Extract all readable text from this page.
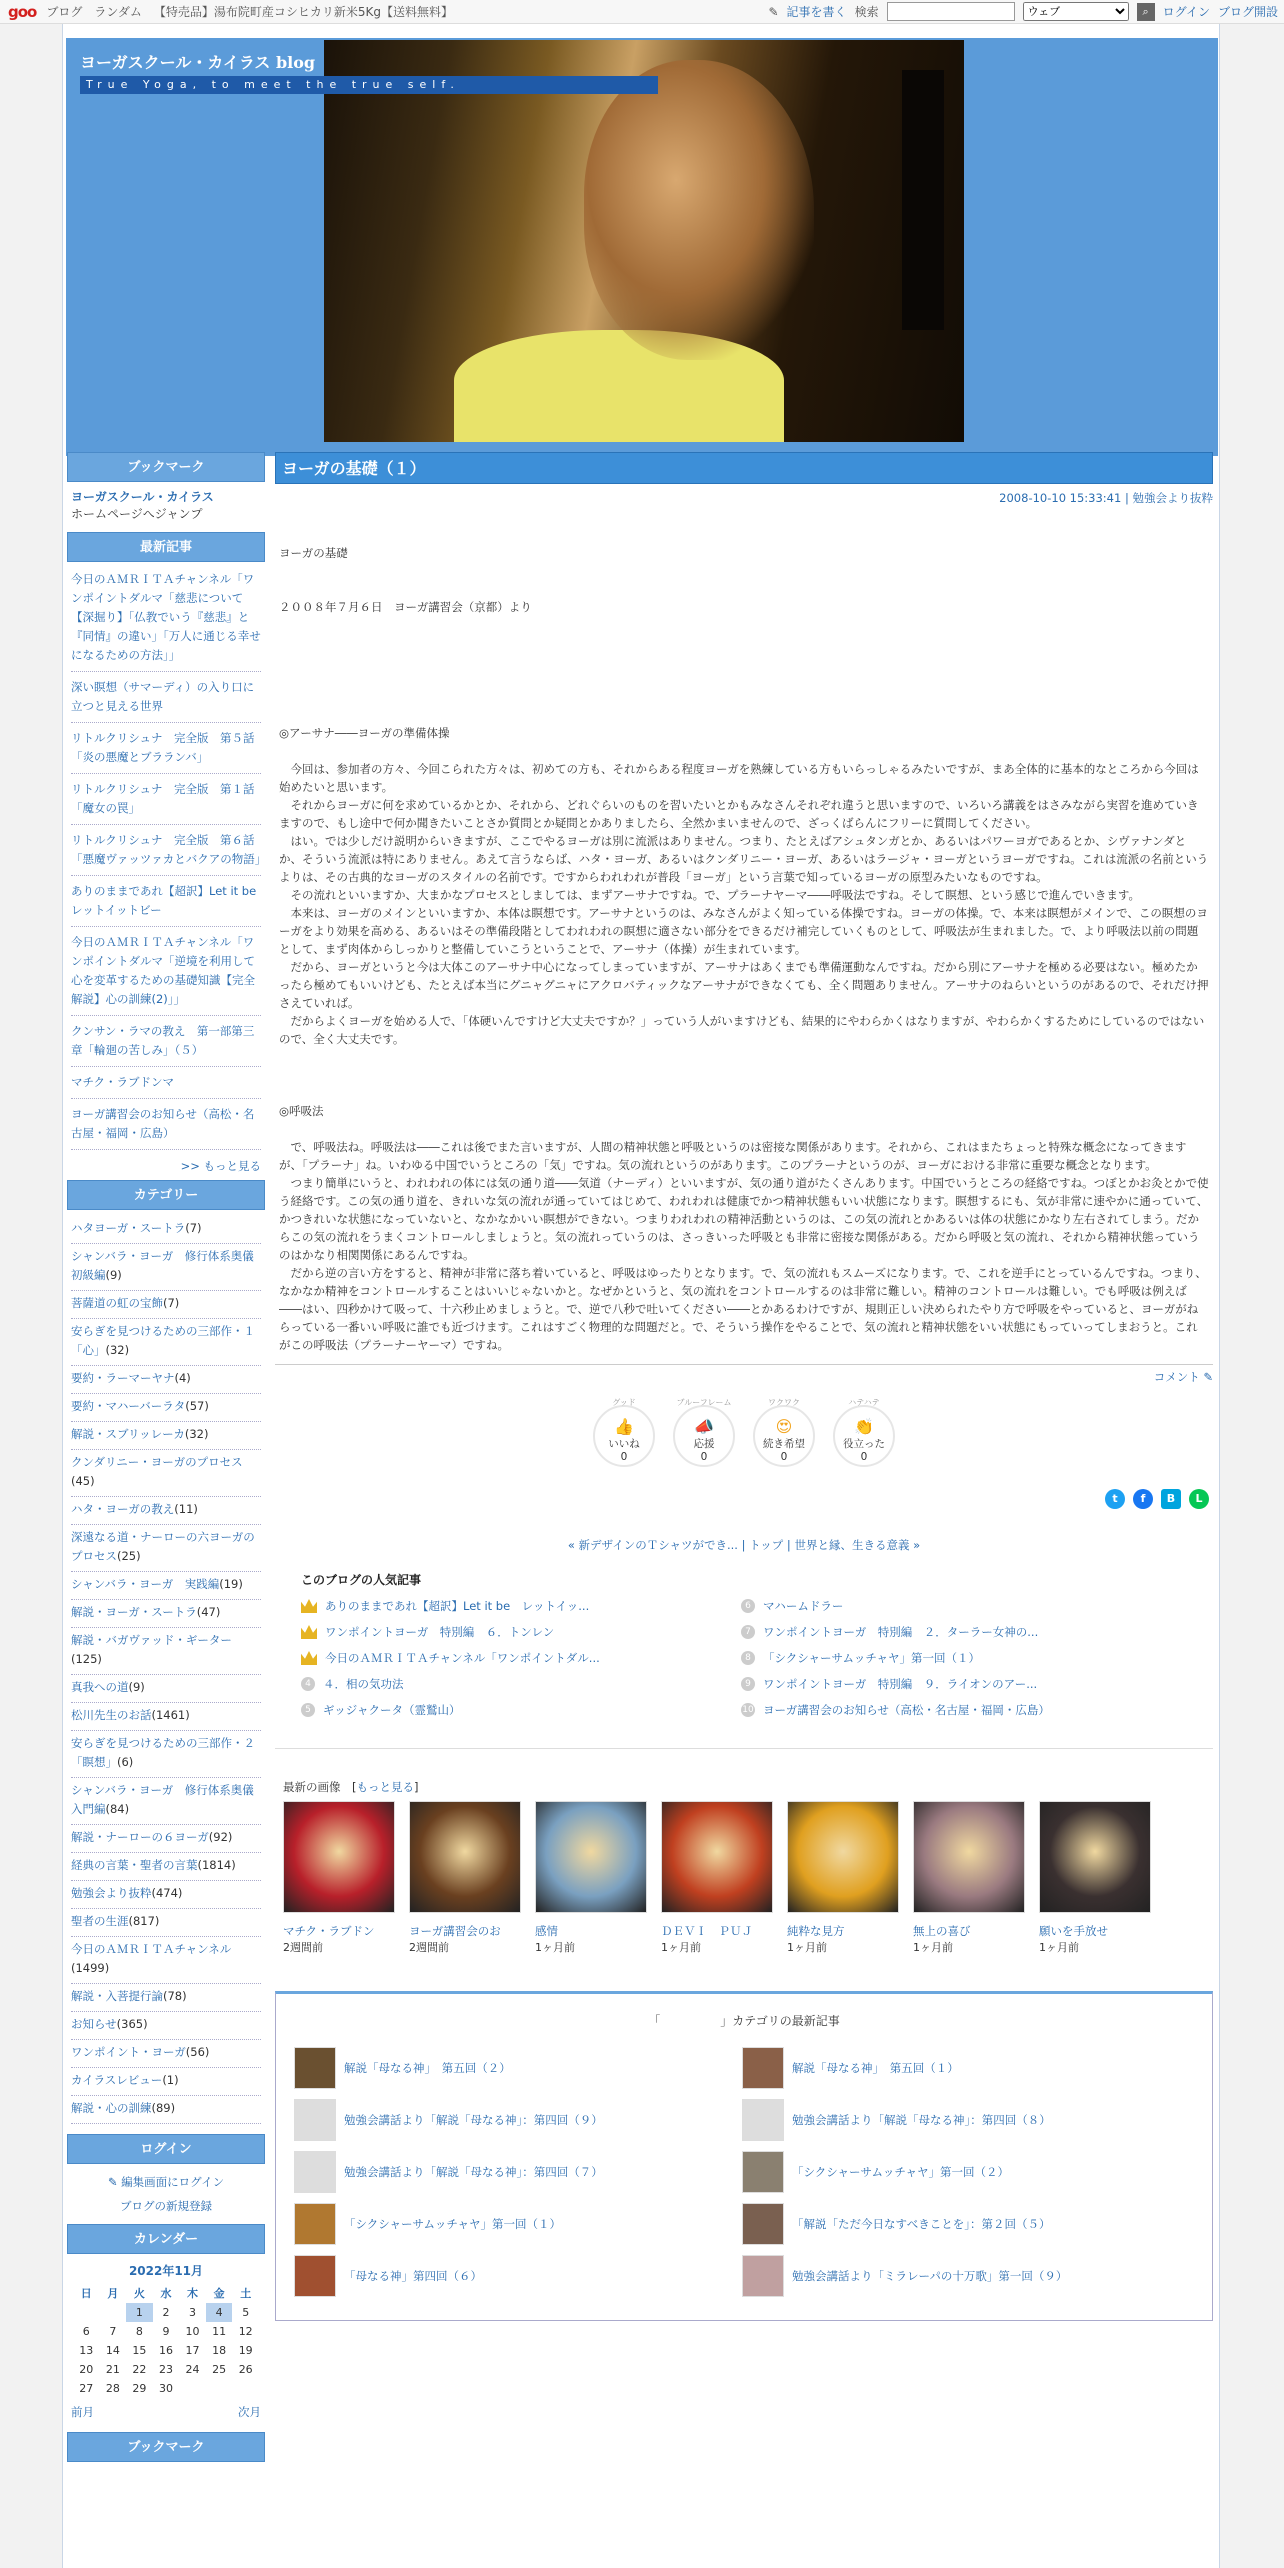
goo ブログ ランダム 【特売品】湯布院町産コシヒカリ新米5Kg【送料無料】	✎ 記事を書く 検索
ウェブ	⌕	ログイン ブログ開設
ヨーガスクール・カイラス blog
True Yoga, to meet the true self.
ブックマーク
ヨーガスクール・カイラス
ホームページへジャンプ
最新記事
今日のＡＭＲＩＴＡチャンネル「ワンポイントダルマ「慈悲について【深掘り】「仏教でいう『慈悲』と『同情』の違い」「万人に通じる幸せになるための方法」」
深い瞑想（サマーディ）の入り口に立つと見える世界
リトルクリシュナ　完全版　第５話「炎の悪魔とブラランバ」
リトルクリシュナ　完全版　第１話「魔女の罠」
リトルクリシュナ　完全版　第６話「悪魔ヴァッツァカとバクアの物語」
ありのままであれ【超訳】Let it be　レットイットビー
今日のＡＭＲＩＴＡチャンネル「ワンポイントダルマ「逆境を利用して心を変革するための基礎知識【完全解説】心の訓練(2)」」
クンサン・ラマの教え　第一部第三章「輪廻の苦しみ」（５）
マチク・ラブドンマ
ヨーガ講習会のお知らせ（高松・名古屋・福岡・広島）
>> もっと見る
カテゴリー
ハタヨーガ・スートラ(7)
シャンバラ・ヨーガ　修行体系奥儀　初級編(9)
菩薩道の虹の宝飾(7)
安らぎを見つけるための三部作・１「心」(32)
要約・ラーマーヤナ(4)
要約・マハーバーラタ(57)
解説・スブリッレーカ(32)
クンダリニー・ヨーガのプロセス(45)
ハタ・ヨーガの教え(11)
深遠なる道・ナーローの六ヨーガのプロセス(25)
シャンバラ・ヨーガ　実践編(19)
解説・ヨーガ・スートラ(47)
解説・バガヴァッド・ギーター(125)
真我への道(9)
松川先生のお話(1461)
安らぎを見つけるための三部作・２「瞑想」(6)
シャンバラ・ヨーガ　修行体系奥儀　入門編(84)
解説・ナーローの６ヨーガ(92)
経典の言葉・聖者の言葉(1814)
勉強会より抜粋(474)
聖者の生涯(817)
今日のＡＭＲＩＴＡチャンネル(1499)
解説・入菩提行論(78)
お知らせ(365)
ワンポイント・ヨーガ(56)
カイラスレビュー(1)
解説・心の訓練(89)
ログイン
✎ 編集画面にログイン
ブログの新規登録
カレンダー
2022年11月
日	月	火	水	木	金	土
		1	2	3	4	5
6	7	8	9	10	11	12
13	14	15	16	17	18	19
20	21	22	23	24	25	26
27	28	29	30			
前月	次月
ブックマーク
ヨーガの基礎（１）
2008-10-10 15:33:41 | 勉強会より抜粋

ヨーガの基礎

２００８年７月６日　ヨーガ講習会（京都）より

◎アーサナ――ヨーガの準備体操

今回は、参加者の方々、今回こられた方々は、初めての方も、それからある程度ヨーガを熟練している方もいらっしゃるみたいですが、まあ全体的に基本的なところから今回は始めたいと思います。

それからヨーガに何を求めているかとか、それから、どれぐらいのものを習いたいとかもみなさんそれぞれ違うと思いますので、いろいろ講義をはさみながら実習を進めていきますので、もし途中で何か聞きたいことさか質問とか疑問とかありましたら、全然かまいませんので、ざっくばらんにフリーに質問してください。

はい。では少しだけ説明からいきますが、ここでやるヨーガは別に流派はありません。つまり、たとえばアシュタンガとか、あるいはパワーヨガであるとか、シヴァナンダとか、そういう流派は特にありません。あえて言うならば、ハタ・ヨーガ、あるいはクンダリニー・ヨーガ、あるいはラージャ・ヨーガというヨーガですね。これは流派の名前というよりは、その古典的なヨーガのスタイルの名前です。ですからわれわれが普段「ヨーガ」という言葉で知っているヨーガの原型みたいなものですね。

その流れといいますか、大まかなプロセスとしましては、まずアーサナですね。で、プラーナヤーマ――呼吸法ですね。そして瞑想、という感じで進んでいきます。

本来は、ヨーガのメインといいますか、本体は瞑想です。アーサナというのは、みなさんがよく知っている体操ですね。ヨーガの体操。で、本来は瞑想がメインで、この瞑想のヨーガをより効果を高める、あるいはその準備段階としてわれわれの瞑想に適さない部分をできるだけ補完していくものとして、呼吸法が生まれました。で、より呼吸法以前の問題として、まず肉体からしっかりと整備していこうということで、アーサナ（体操）が生まれています。

だから、ヨーガというと今は大体このアーサナ中心になってしまっていますが、アーサナはあくまでも準備運動なんですね。だから別にアーサナを極める必要はない。極めたかったら極めてもいいけども、たとえば本当にグニャグニャにアクロバティックなアーサナができなくても、全く問題ありません。アーサナのねらいというのがあるので、それだけ押さえていれば。

だからよくヨーガを始める人で、「体硬いんですけど大丈夫ですか？」っていう人がいますけども、結果的にやわらかくはなりますが、やわらかくするためにしているのではないので、全く大丈夫です。

◎呼吸法

で、呼吸法ね。呼吸法は――これは後でまた言いますが、人間の精神状態と呼吸というのは密接な関係があります。それから、これはまたちょっと特殊な概念になってきますが、「プラーナ」ね。いわゆる中国でいうところの「気」ですね。気の流れというのがあります。このプラーナというのが、ヨーガにおける非常に重要な概念となります。

つまり簡単にいうと、われわれの体には気の通り道――気道（ナーディ）といいますが、気の通り道がたくさんあります。中国でいうところの経絡ですね。つぼとかお灸とかで使う経絡です。この気の通り道を、きれいな気の流れが通っていてはじめて、われわれは健康でかつ精神状態もいい状態になります。瞑想するにも、気が非常に速やかに通っていて、かつきれいな状態になっていないと、なかなかいい瞑想ができない。つまりわれわれの精神活動というのは、この気の流れとかあるいは体の状態にかなり左右されてしまう。だからこの気の流れをうまくコントロールしましょうと。気の流れっていうのは、さっきいった呼吸とも非常に密接な関係がある。だから呼吸と気の流れ、それから精神状態っていうのはかなり相関関係にあるんですね。

だから逆の言い方をすると、精神が非常に落ち着いていると、呼吸はゆったりとなります。で、気の流れもスムーズになります。で、これを逆手にとっているんですね。つまり、なかなか精神をコントロールすることはいいじゃないかと。なぜかというと、気の流れをコントロールするのは非常に難しい。精神のコントロールは難しい。でも呼吸は例えば――はい、四秒かけて吸って、十六秒止めましょうと。で、逆で八秒で吐いてください――とかあるわけですが、規則正しい決められたやり方で呼吸をやっていると、ヨーガがねらっている一番いい呼吸に誰でも近づけます。これはすごく物理的な問題だと。で、そういう操作をやることで、気の流れと精神状態をいい状態にもっていってしまおうと。これがこの呼吸法（プラーナーヤーマ）ですね。

コメント ✎
グッド
👍
いいね
0
ブルーフレーム
📣
応援
0
ワクワク
😍
続き希望
0
ハテハテ
👏
役立った
0
t	f	B	L
« 新デザインのＴシャツができ... | トップ | 世界と縁、生きる意義 »
このブログの人気記事
ありのままであれ【超訳】Let it be　レットイッ...	6	マハームドラー
ワンポイントヨーガ　特別編　６．トンレン	7	ワンポイントヨーガ　特別編　２．ターラー女神の...
今日のＡＭＲＩＴＡチャンネル「ワンポイントダル...	8	「シクシャーサムッチャヤ」第一回（１）
4	４．相の気功法	9	ワンポイントヨーガ　特別編　９．ライオンのアー...
5	ギッジャクータ（霊鷲山）	10 ヨーガ講習会のお知らせ（高松・名古屋・福岡・広島）
最新の画像　[もっと見る]
マチク・ラブドン
2週間前
ヨーガ講習会のお
2週間前
感情
1ヶ月前
ＤＥＶＩ　ＰＵＪ
1ヶ月前
純粋な見方
1ヶ月前
無上の喜び
1ヶ月前
願いを手放せ
1ヶ月前
「　　　　　」カテゴリの最新記事
解説「母なる神」　第五回（２）	解説「母なる神」　第五回（１）
勉強会講話より「解説「母なる神」：第四回（９）	勉強会講話より「解説「母なる神」：第四回（８）
勉強会講話より「解説「母なる神」：第四回（７）	「シクシャーサムッチャヤ」第一回（２）
「シクシャーサムッチャヤ」第一回（１）	「解説「ただ今日なすべきことを」：第２回（５）
「母なる神」第四回（６）	勉強会講話より「ミラレーパの十万歌」第一回（９）
